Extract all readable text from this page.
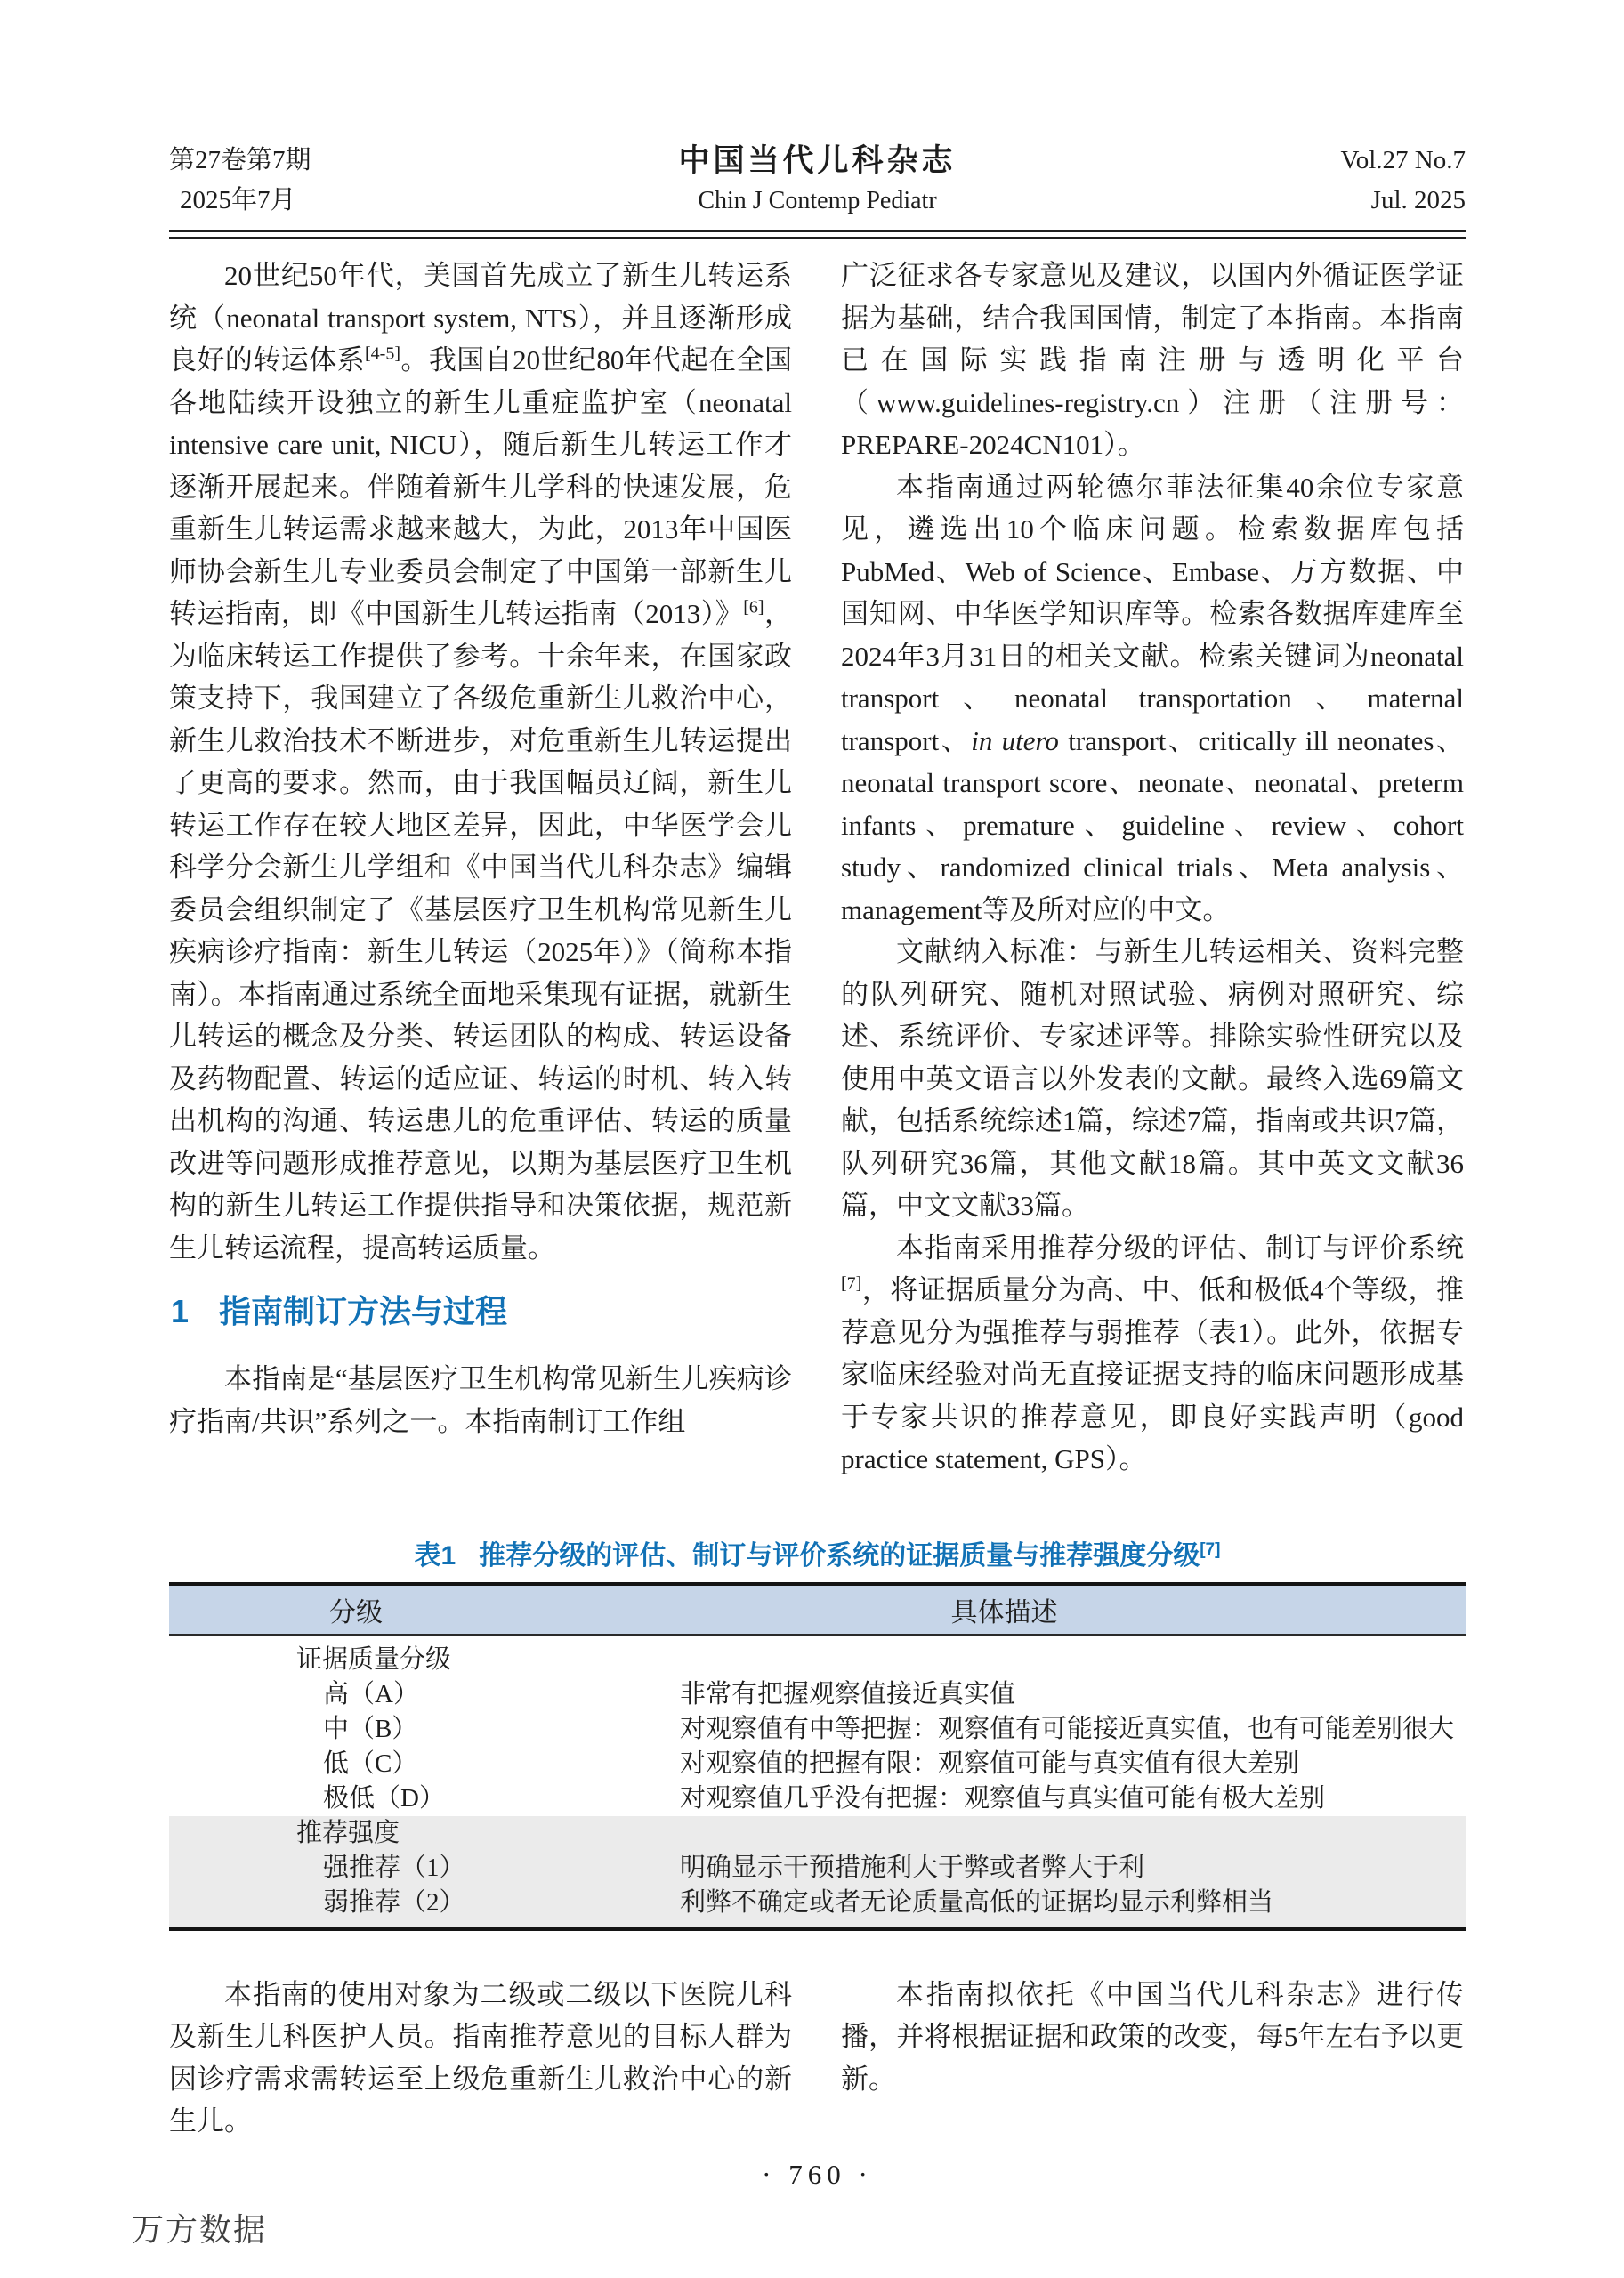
第27卷第7期
2025年7月
中国当代儿科杂志
Chin J Contemp Pediatr
Vol.27 No.7
Jul. 2025

20世纪50年代，美国首先成立了新生儿转运系统（neonatal transport system, NTS），并且逐渐形成良好的转运体系[4-5]。我国自20世纪80年代起在全国各地陆续开设独立的新生儿重症监护室（neonatal intensive care unit, NICU），随后新生儿转运工作才逐渐开展起来。伴随着新生儿学科的快速发展，危重新生儿转运需求越来越大，为此，2013年中国医师协会新生儿专业委员会制定了中国第一部新生儿转运指南，即《中国新生儿转运指南（2013）》[6]，为临床转运工作提供了参考。十余年来，在国家政策支持下，我国建立了各级危重新生儿救治中心，新生儿救治技术不断进步，对危重新生儿转运提出了更高的要求。然而，由于我国幅员辽阔，新生儿转运工作存在较大地区差异，因此，中华医学会儿科学分会新生儿学组和《中国当代儿科杂志》编辑委员会组织制定了《基层医疗卫生机构常见新生儿疾病诊疗指南：新生儿转运（2025年）》（简称本指南）。本指南通过系统全面地采集现有证据，就新生儿转运的概念及分类、转运团队的构成、转运设备及药物配置、转运的适应证、转运的时机、转入转出机构的沟通、转运患儿的危重评估、转运的质量改进等问题形成推荐意见，以期为基层医疗卫生机构的新生儿转运工作提供指导和决策依据，规范新生儿转运流程，提高转运质量。

1 指南制订方法与过程

本指南是“基层医疗卫生机构常见新生儿疾病诊疗指南/共识”系列之一。本指南制订工作组

广泛征求各专家意见及建议，以国内外循证医学证据为基础，结合我国国情，制定了本指南。本指南已在国际实践指南注册与透明化平台（www.guidelines-registry.cn）注册（注册号：PREPARE-2024CN101）。

本指南通过两轮德尔菲法征集40余位专家意见，遴选出10个临床问题。检索数据库包括PubMed、Web of Science、Embase、万方数据、中国知网、中华医学知识库等。检索各数据库建库至2024年3月31日的相关文献。检索关键词为neonatal transport、neonatal transportation、maternal transport、in utero transport、critically ill neonates、neonatal transport score、neonate、neonatal、preterm infants、premature、guideline、review、cohort study、randomized clinical trials、Meta analysis、management等及所对应的中文。

文献纳入标准：与新生儿转运相关、资料完整的队列研究、随机对照试验、病例对照研究、综述、系统评价、专家述评等。排除实验性研究以及使用中英文语言以外发表的文献。最终入选69篇文献，包括系统综述1篇，综述7篇，指南或共识7篇，队列研究36篇，其他文献18篇。其中英文文献36篇，中文文献33篇。

本指南采用推荐分级的评估、制订与评价系统[7]，将证据质量分为高、中、低和极低4个等级，推荐意见分为强推荐与弱推荐（表1）。此外，依据专家临床经验对尚无直接证据支持的临床问题形成基于专家共识的推荐意见，即良好实践声明（good practice statement, GPS）。

表1 推荐分级的评估、制订与评价系统的证据质量与推荐强度分级[7]
分级	具体描述
证据质量分级	
高（A）	非常有把握观察值接近真实值
中（B）	对观察值有中等把握：观察值有可能接近真实值，也有可能差别很大
低（C）	对观察值的把握有限：观察值可能与真实值有很大差别
极低（D）	对观察值几乎没有把握：观察值与真实值可能有极大差别
推荐强度	
强推荐（1）	明确显示干预措施利大于弊或者弊大于利
弱推荐（2）	利弊不确定或者无论质量高低的证据均显示利弊相当

本指南的使用对象为二级或二级以下医院儿科及新生儿科医护人员。指南推荐意见的目标人群为因诊疗需求需转运至上级危重新生儿救治中心的新生儿。

本指南拟依托《中国当代儿科杂志》进行传播，并将根据证据和政策的改变，每5年左右予以更新。

· 760 ·
万方数据
